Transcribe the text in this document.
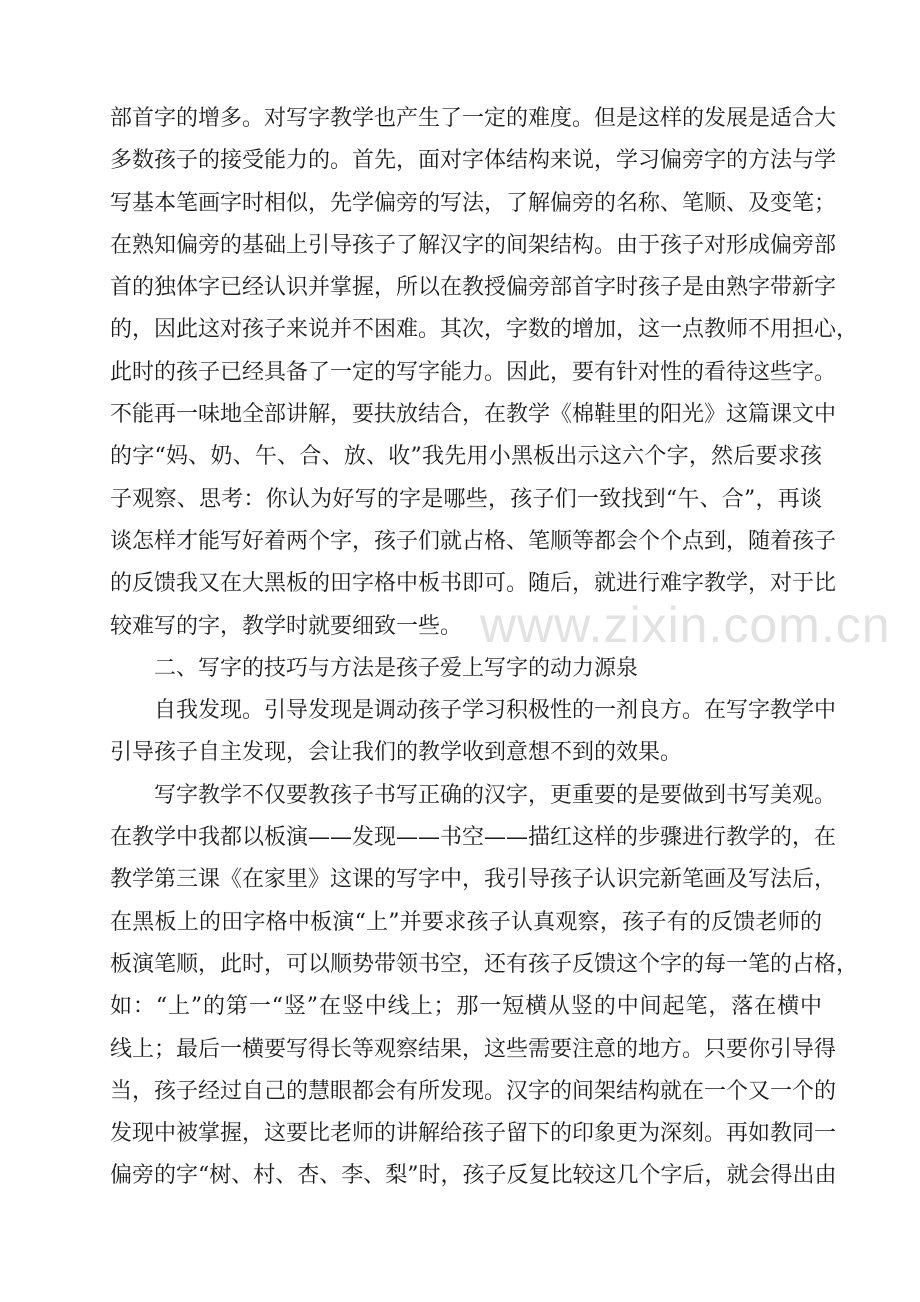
部首字的增多。对写字教学也产生了一定的难度。但是这样的发展是适合大
多数孩子的接受能力的。首先，面对字体结构来说，学习偏旁字的方法与学
写基本笔画字时相似，先学偏旁的写法，了解偏旁的名称、笔顺、及变笔；
在熟知偏旁的基础上引导孩子了解汉字的间架结构。由于孩子对形成偏旁部
首的独体字已经认识并掌握，所以在教授偏旁部首字时孩子是由熟字带新字
的，因此这对孩子来说并不困难。其次，字数的增加，这一点教师不用担心，
此时的孩子已经具备了一定的写字能力。因此，要有针对性的看待这些字。
不能再一味地全部讲解，要扶放结合，在教学《棉鞋里的阳光》这篇课文中
的字“妈、奶、午、合、放、收”我先用小黑板出示这六个字，然后要求孩
子观察、思考：你认为好写的字是哪些，孩子们一致找到“午、合”，再谈
谈怎样才能写好着两个字，孩子们就占格、笔顺等都会个个点到，随着孩子
的反馈我又在大黑板的田字格中板书即可。随后，就进行难字教学，对于比
较难写的字，教学时就要细致一些。
二、写字的技巧与方法是孩子爱上写字的动力源泉
自我发现。引导发现是调动孩子学习积极性的一剂良方。在写字教学中
引导孩子自主发现，会让我们的教学收到意想不到的效果。
写字教学不仅要教孩子书写正确的汉字，更重要的是要做到书写美观。
在教学中我都以板演——发现——书空——描红这样的步骤进行教学的，在
教学第三课《在家里》这课的写字中，我引导孩子认识完新笔画及写法后，
在黑板上的田字格中板演“上”并要求孩子认真观察，孩子有的反馈老师的
板演笔顺，此时，可以顺势带领书空，还有孩子反馈这个字的每一笔的占格，
如：“上”的第一“竖”在竖中线上；那一短横从竖的中间起笔，落在横中
线上；最后一横要写得长等观察结果，这些需要注意的地方。只要你引导得
当，孩子经过自己的慧眼都会有所发现。汉字的间架结构就在一个又一个的
发现中被掌握，这要比老师的讲解给孩子留下的印象更为深刻。再如教同一
偏旁的字“树、村、杏、李、梨”时，孩子反复比较这几个字后，就会得出由
www.zixin.com.cn
